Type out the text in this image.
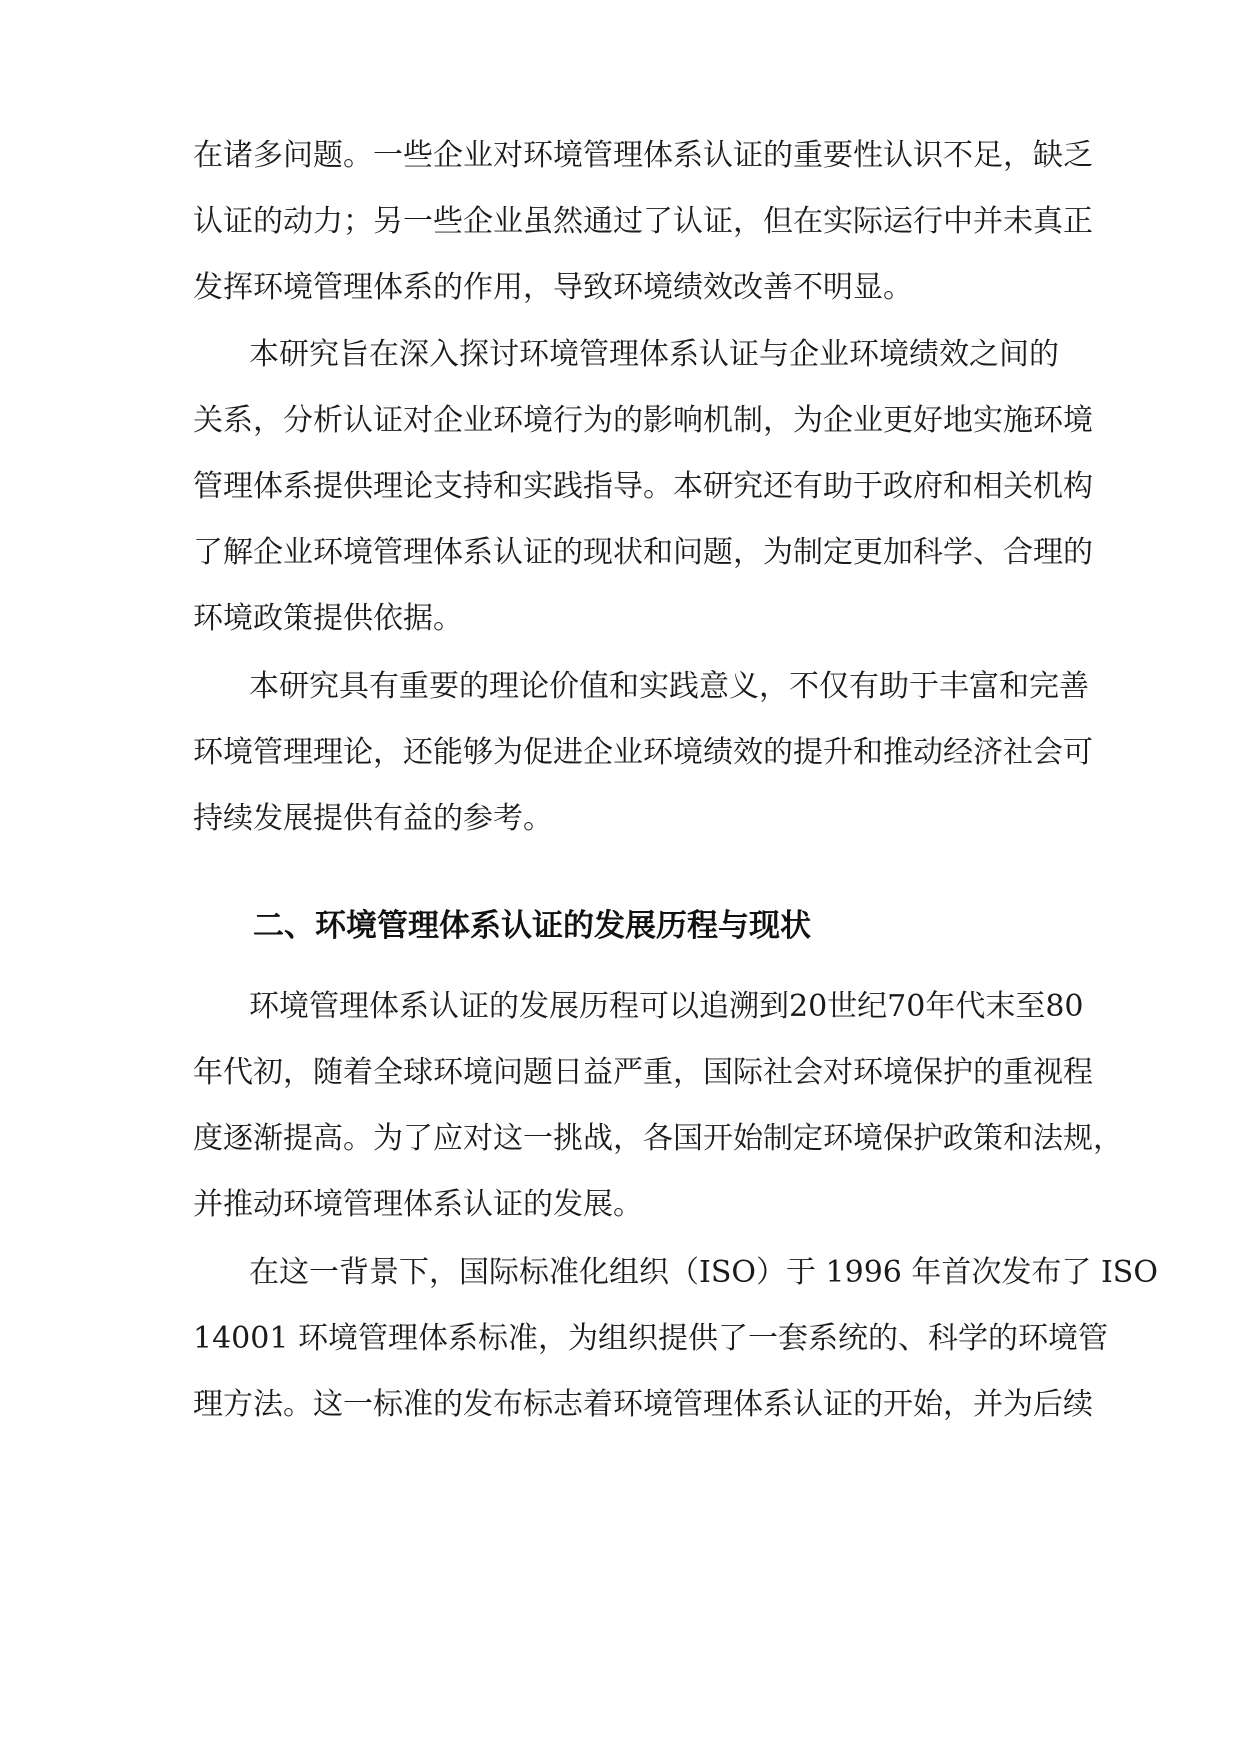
在诸多问题。一些企业对环境管理体系认证的重要性认识不足，缺乏

认证的动力；另一些企业虽然通过了认证，但在实际运行中并未真正

发挥环境管理体系的作用，导致环境绩效改善不明显。

本研究旨在深入探讨环境管理体系认证与企业环境绩效之间的

关系，分析认证对企业环境行为的影响机制，为企业更好地实施环境

管理体系提供理论支持和实践指导。本研究还有助于政府和相关机构

了解企业环境管理体系认证的现状和问题，为制定更加科学、合理的

环境政策提供依据。

本研究具有重要的理论价值和实践意义，不仅有助于丰富和完善

环境管理理论，还能够为促进企业环境绩效的提升和推动经济社会可

持续发展提供有益的参考。

二、环境管理体系认证的发展历程与现状

环境管理体系认证的发展历程可以追溯到20世纪70年代末至80

年代初，随着全球环境问题日益严重，国际社会对环境保护的重视程

度逐渐提高。为了应对这一挑战，各国开始制定环境保护政策和法规，

并推动环境管理体系认证的发展。

在这一背景下，国际标准化组织（ISO）于 1996 年首次发布了 ISO

14001 环境管理体系标准，为组织提供了一套系统的、科学的环境管

理方法。这一标准的发布标志着环境管理体系认证的开始，并为后续
